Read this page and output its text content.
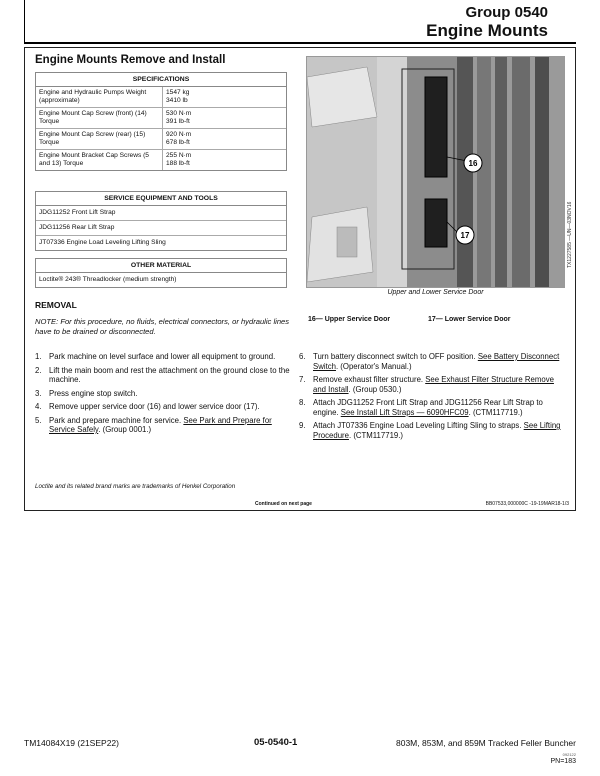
Group 0540
Engine Mounts
Engine Mounts Remove and Install
SPECIFICATIONS
Engine and Hydraulic Pumps Weight (approximate)
1547 kg
3410 lb
Engine Mount Cap Screw (front) (14) Torque
530 N·m
391 lb-ft
Engine Mount Cap Screw (rear) (15) Torque
920 N·m
678 lb-ft
Engine Mount Bracket Cap Screws (5 and 13) Torque
255 N·m
188 lb-ft
SERVICE EQUIPMENT AND TOOLS
JDG11252 Front Lift Strap
JDG11256 Rear Lift Strap
JT07336 Engine Load Leveling Lifting Sling
OTHER MATERIAL
Loctite® 243® Threadlocker (medium strength)
16
17	TX1227585 —UN—03NOV16
Upper and Lower Service Door
16— Upper Service Door	17— Lower Service Door
REMOVAL
NOTE: For this procedure, no fluids, electrical connectors, or hydraulic lines have to be drained or disconnected.
1. Park machine on level surface and lower all equipment to ground.
2. Lift the main boom and rest the attachment on the ground close to the machine.
3. Press engine stop switch.
4. Remove upper service door (16) and lower service door (17).
5. Park and prepare machine for service. See Park and Prepare for Service Safely. (Group 0001.)
6. Turn battery disconnect switch to OFF position. See Battery Disconnect Switch. (Operator's Manual.)
7. Remove exhaust filter structure. See Exhaust Filter Structure Remove and Install. (Group 0530.)
8. Attach JDG11252 Front Lift Strap and JDG11256 Rear Lift Strap to engine. See Install Lift Straps — 6090HFC09. (CTM117719.)
9. Attach JT07336 Engine Load Leveling Lifting Sling to straps. See Lifting Procedure. (CTM117719.)
Loctite and its related brand marks are trademarks of Henkel Corporation
Continued on next page	BB07533,000000C -19-19MAR18-1/3
TM14084X19 (21SEP22)	05-0540-1	803M, 853M, and 859M Tracked Feller Buncher
092122
PN=183
